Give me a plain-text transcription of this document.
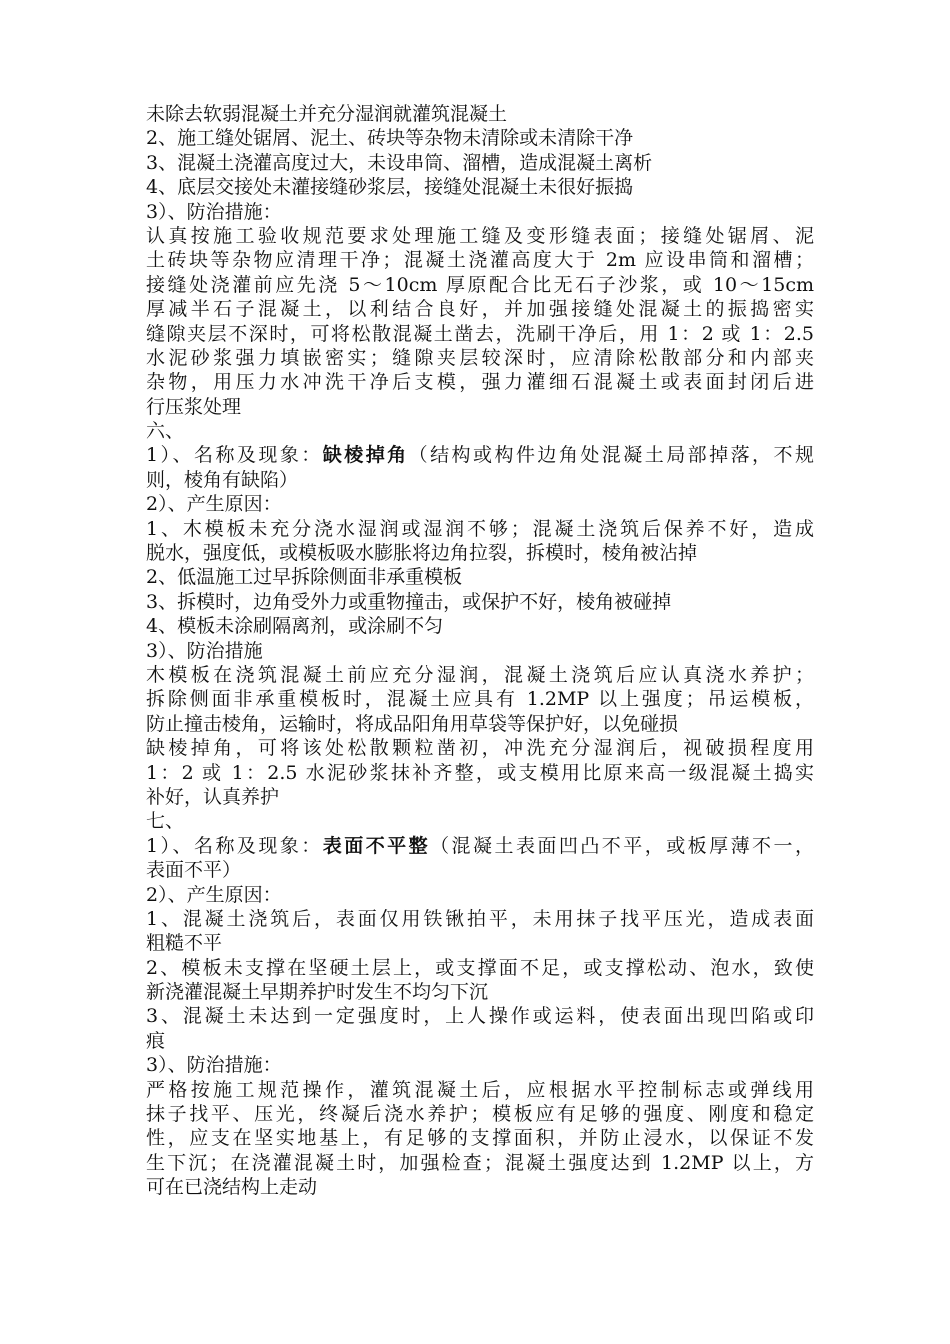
未除去软弱混凝土并充分湿润就灌筑混凝土
2、施工缝处锯屑、泥土、砖块等杂物未清除或未清除干净
3、混凝土浇灌高度过大，未设串筒、溜槽，造成混凝土离析
4、底层交接处未灌接缝砂浆层，接缝处混凝土未很好振捣
3）、防治措施：
认真按施工验收规范要求处理施工缝及变形缝表面；接缝处锯屑、泥
土砖块等杂物应清理干净；混凝土浇灌高度大于 2m 应设串筒和溜槽；
接缝处浇灌前应先浇 5～10cm 厚原配合比无石子沙浆，或 10～15cm
厚减半石子混凝土，以利结合良好，并加强接缝处混凝土的振捣密实
缝隙夹层不深时，可将松散混凝土凿去，洗刷干净后，用 1：2 或 1：2.5
水泥砂浆强力填嵌密实；缝隙夹层较深时，应清除松散部分和内部夹
杂物，用压力水冲洗干净后支模，强力灌细石混凝土或表面封闭后进
行压浆处理
六、
1）、名称及现象：缺棱掉角（结构或构件边角处混凝土局部掉落，不规
则，棱角有缺陷）
2）、产生原因：
1、木模板未充分浇水湿润或湿润不够；混凝土浇筑后保养不好，造成
脱水，强度低，或模板吸水膨胀将边角拉裂，拆模时，棱角被沾掉
2、低温施工过早拆除侧面非承重模板
3、拆模时，边角受外力或重物撞击，或保护不好，棱角被碰掉
4、模板未涂刷隔离剂，或涂刷不匀
3）、防治措施
木模板在浇筑混凝土前应充分湿润，混凝土浇筑后应认真浇水养护；
拆除侧面非承重模板时，混凝土应具有 1.2MP 以上强度；吊运模板，
防止撞击棱角，运输时，将成品阳角用草袋等保护好，以免碰损
缺棱掉角，可将该处松散颗粒凿初，冲洗充分湿润后，视破损程度用
1：2 或 1：2.5 水泥砂浆抹补齐整，或支模用比原来高一级混凝土捣实
补好，认真养护
七、
1）、名称及现象：表面不平整（混凝土表面凹凸不平，或板厚薄不一，
表面不平）
2）、产生原因：
1、混凝土浇筑后，表面仅用铁锹拍平，未用抹子找平压光，造成表面
粗糙不平
2、模板未支撑在坚硬土层上，或支撑面不足，或支撑松动、泡水，致使
新浇灌混凝土早期养护时发生不均匀下沉
3、混凝土未达到一定强度时，上人操作或运料，使表面出现凹陷或印
痕
3）、防治措施：
严格按施工规范操作，灌筑混凝土后，应根据水平控制标志或弹线用
抹子找平、压光，终凝后浇水养护；模板应有足够的强度、刚度和稳定
性，应支在坚实地基上，有足够的支撑面积，并防止浸水，以保证不发
生下沉；在浇灌混凝土时，加强检查；混凝土强度达到 1.2MP 以上，方
可在已浇结构上走动
